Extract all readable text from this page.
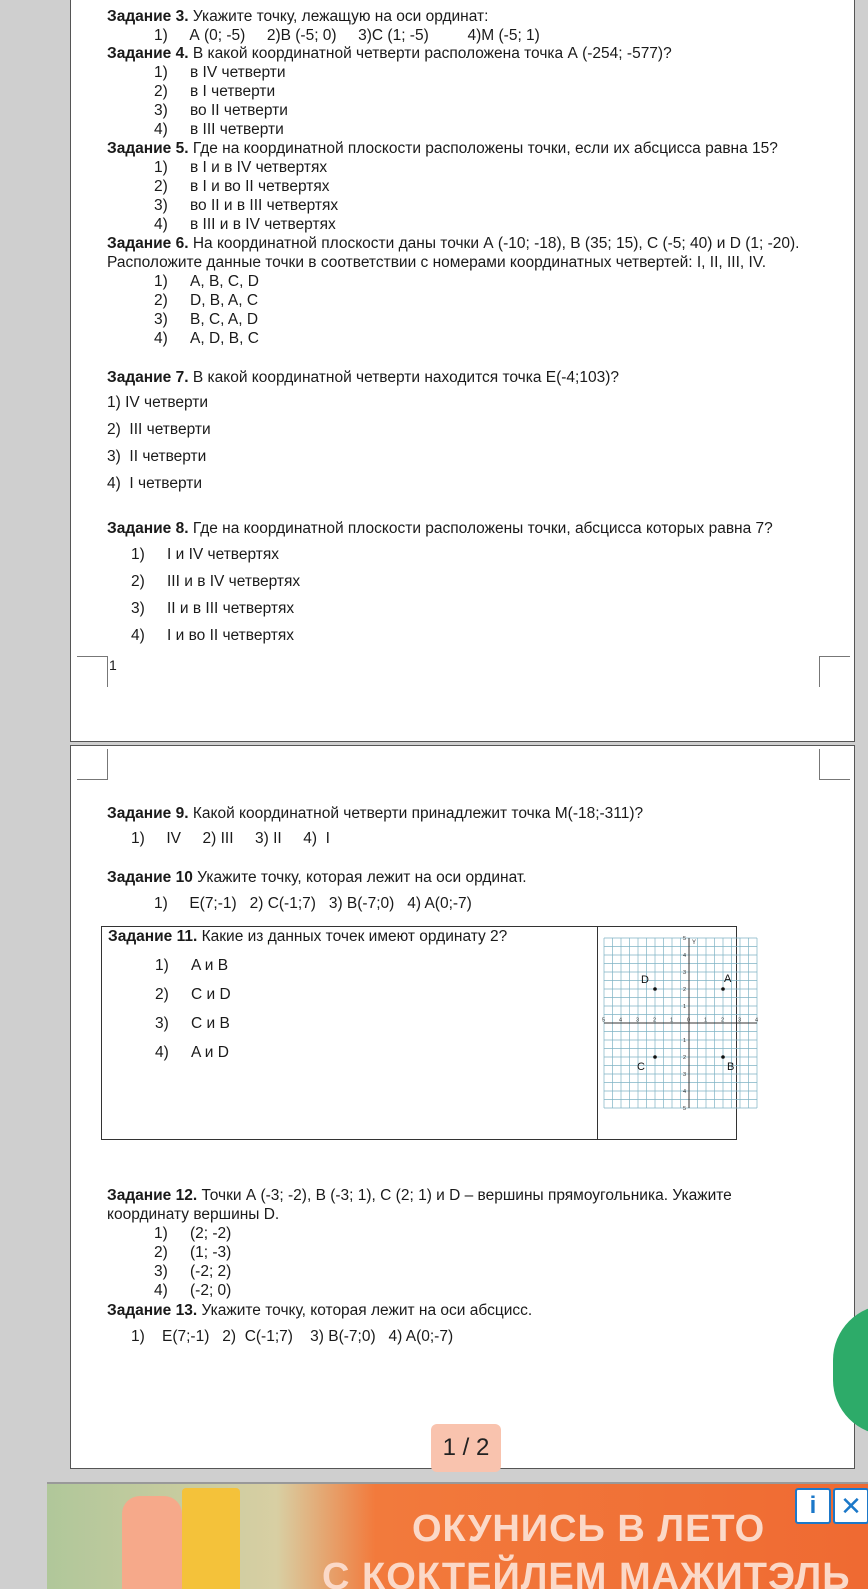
Задание 3. Укажите точку, лежащую на оси ординат:
1)     А (0; -5)     2)В (-5; 0)     3)С (1; -5)         4)М (-5; 1)
Задание 4. В какой координатной четверти расположена точка А (-254; -577)?
1) в IV четверти
2) в I четверти
3) во II четверти
4) в III четверти
Задание 5. Где на координатной плоскости расположены точки, если их абсцисса равна 15?
1) в I и в IV четвертях
2) в I и во II четвертях
3) во II и в III четвертях
4) в III и в IV четвертях
Задание 6. На координатной плоскости даны точки А (-10; -18), В (35; 15), С (-5; 40) и D (1; -20).
Расположите данные точки в соответствии с номерами координатных четвертей: I, II, III, IV.
1) A, B, C, D
2) D, B, A, C
3) B, C, A, D
4) A, D, B, C
Задание 7. В какой координатной четверти находится точка Е(-4;103)?
1) IV четверти
2)  III четверти
3)  II четверти
4)  I четверти
Задание 8. Где на координатной плоскости расположены точки, абсцисса которых равна 7?
1) I и IV четвертях
2) III и в IV четвертях
3) II и в III четвертях
4) I и во II четвертях
1
Задание 9. Какой координатной четверти принадлежит точка М(-18;-311)?
1)     IV     2) III     3) II     4)  I
Задание 10 Укажите точку, которая лежит на оси ординат.
1)     E(7;-1)   2) C(-1;7)   3) B(-7;0)   4) A(0;-7)
Задание 11. Какие из данных точек имеют ординату 2?
1) A и B
2) C и D
3) C и B
4) A и D
Y
5	4	3	2	1	0	1	2	3	4
5
4
3
2
1
1
2
3
4
5
A
D
C	B
Задание 12. Точки А (-3; -2), В (-3; 1), С (2; 1) и D – вершины прямоугольника. Укажите
координату вершины D.
1) (2; -2)
2) (1; -3)
3) (-2; 2)
4) (-2; 0)
Задание 13. Укажите точку, которая лежит на оси абсцисс.
1)    E(7;-1)   2)  C(-1;7)    3) B(-7;0)   4) A(0;-7)
1 / 2
ОКУНИСЬ В ЛЕТО
С КОКТЕЙЛЕМ МАЖИТЭЛЬ
i ✕
